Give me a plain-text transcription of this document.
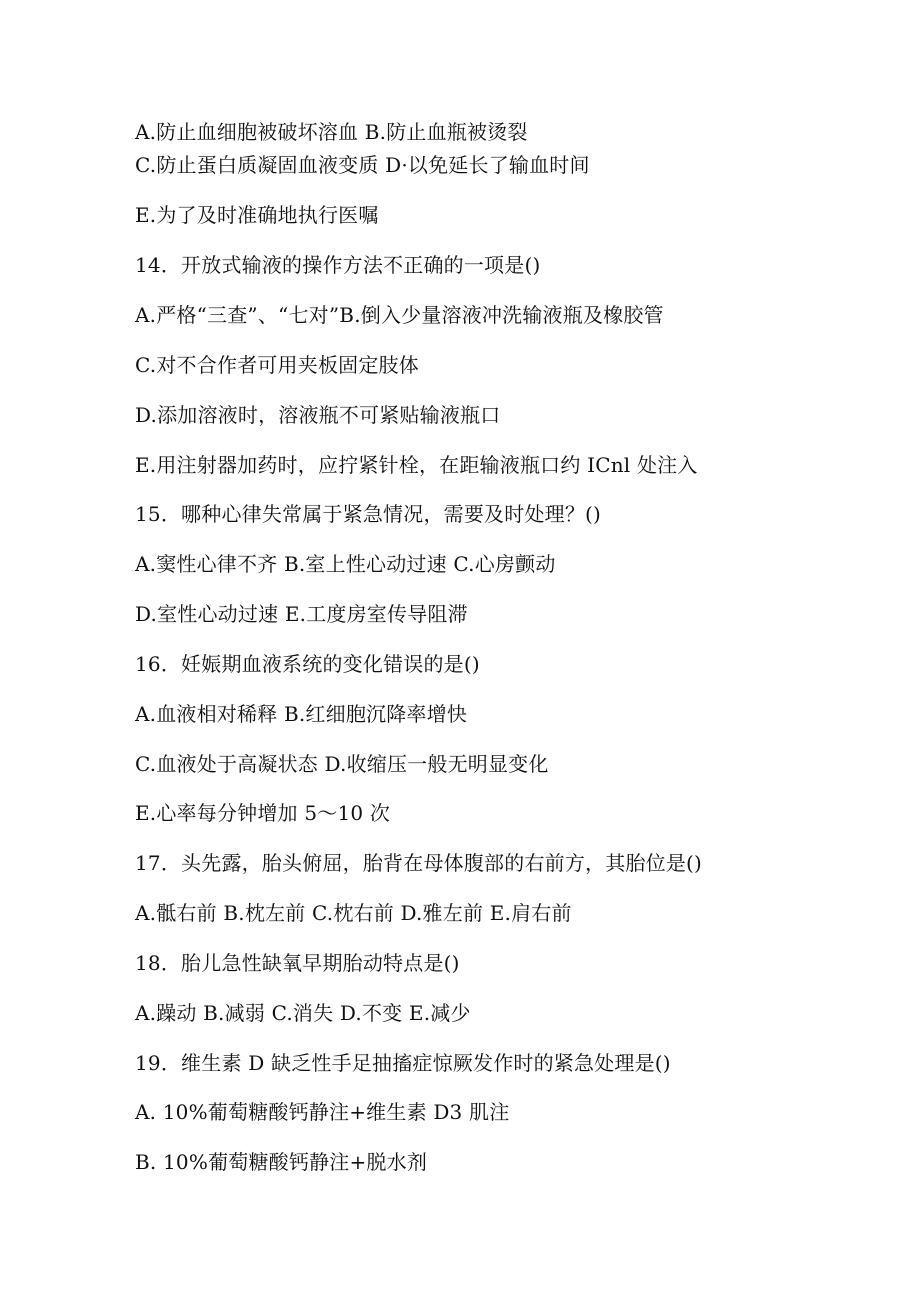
A.防止血细胞被破坏溶血 B.防止血瓶被烫裂
C.防止蛋白质凝固血液变质 D·以免延长了输血时间
E.为了及时准确地执行医嘱
14．开放式输液的操作方法不正确的一项是()
A.严格“三查”、“七对”B.倒入少量溶液冲洗输液瓶及橡胶管
C.对不合作者可用夹板固定肢体
D.添加溶液时，溶液瓶不可紧贴输液瓶口
E.用注射器加药时，应拧紧针栓，在距输液瓶口约 ICnl 处注入
15．哪种心律失常属于紧急情况，需要及时处理？()
A.窦性心律不齐 B.室上性心动过速 C.心房颤动
D.室性心动过速 E.工度房室传导阻滞
16．妊娠期血液系统的变化错误的是()
A.血液相对稀释 B.红细胞沉降率增快
C.血液处于高凝状态 D.收缩压一般无明显变化
E.心率每分钟增加 5～10 次
17．头先露，胎头俯屈，胎背在母体腹部的右前方，其胎位是()
A.骶右前 B.枕左前 C.枕右前 D.雅左前 E.肩右前
18．胎儿急性缺氧早期胎动特点是()
A.躁动 B.减弱 C.消失 D.不变 E.减少
19．维生素 D 缺乏性手足抽搐症惊厥发作时的紧急处理是()
A. 10%葡萄糖酸钙静注+维生素 D3 肌注
B. 10%葡萄糖酸钙静注+脱水剂
